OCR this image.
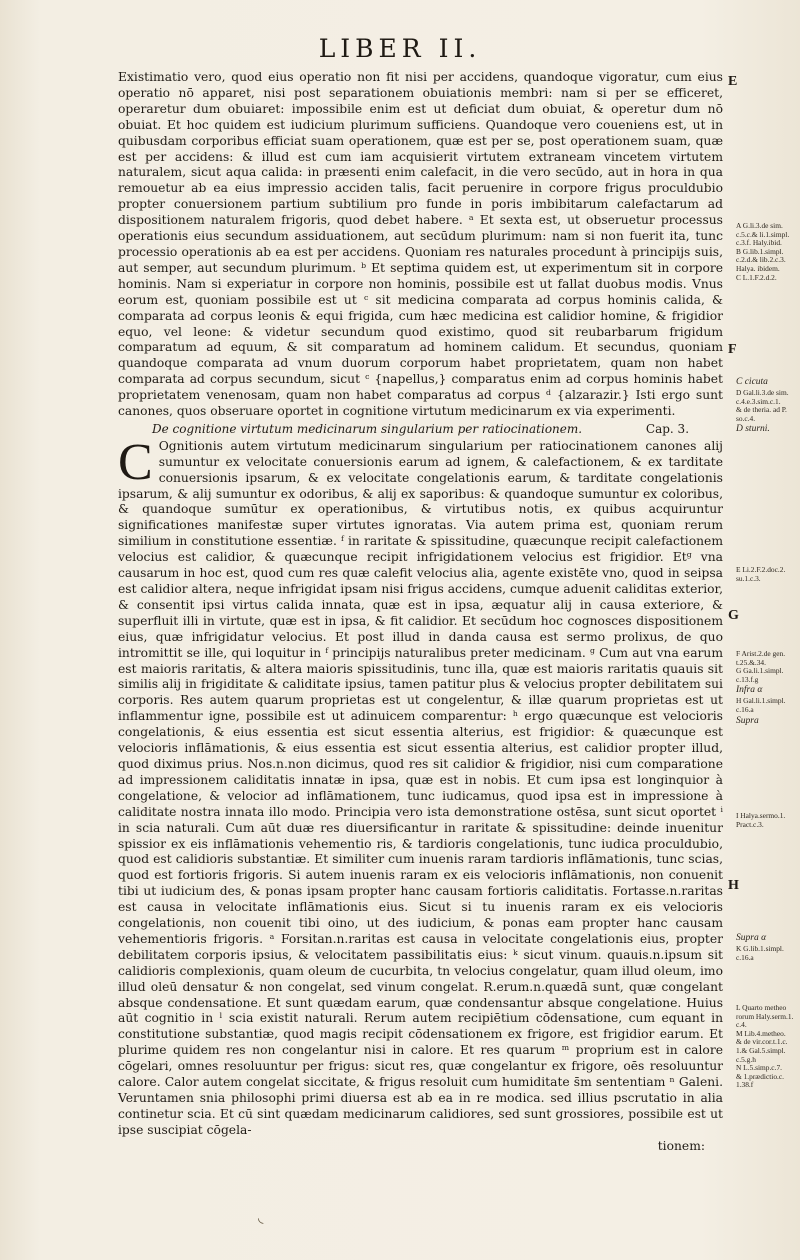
LIBER II.

Existimatio vero, quod eius operatio non fit nisi per accidens, quandoque vigoratur, cum eius operatio nō apparet, nisi post separationem obuiationis membri: nam si per se efficeret, operaretur dum obuiaret: impossibile enim est ut deficiat dum obuiat, & operetur dum nō obuiat. Et hoc quidem est iudicium plurimum sufficiens. Quandoque vero coueniens est, ut in quibusdam corporibus efficiat suam operationem, quæ est per se, post operationem suam, quæ est per accidens: & illud est cum iam acquisierit virtutem extraneam vincetem virtutem naturalem, sicut aqua calida: in præsenti enim calefacit, in die vero secūdo, aut in hora in qua remouetur ab ea eius impressio acciden talis, facit peruenire in corpore frigus proculdubio propter conuersionem partium subtilium pro funde in poris imbibitarum calefactarum ad dispositionem naturalem frigoris, quod debet habere. ᵃ Et sexta est, ut obseruetur processus operationis eius secundum assiduationem, aut secūdum plurimum: nam si non fuerit ita, tunc processio operationis ab ea est per accidens. Quoniam res naturales procedunt à principijs suis, aut semper, aut secundum plurimum. ᵇ Et septima quidem est, ut experimentum sit in corpore hominis. Nam si experiatur in corpore non hominis, possibile est ut fallat duobus modis. Vnus eorum est, quoniam possibile est ut ᶜ sit medicina comparata ad corpus hominis calida, & comparata ad corpus leonis & equi frigida, cum hæc medicina est calidior homine, & frigidior equo, vel leone: & videtur secundum quod existimo, quod sit reubarbarum frigidum comparatum ad equum, & sit comparatum ad hominem calidum. Et secundus, quoniam quandoque comparata ad vnum duorum corporum habet proprietatem, quam non habet comparata ad corpus secundum, sicut ᶜ {napellus,} comparatus enim ad corpus hominis habet proprietatem venenosam, quam non habet comparatus ad corpus ᵈ {alzarazir.} Isti ergo sunt canones, quos obseruare oportet in cognitione virtutum medicinarum ex via experimenti.

De cognitione virtutum medicinarum singularium per ratiocinationem.	Cap. 3.

C Ognitionis autem virtutum medicinarum singularium per ratiocinationem canones alij sumuntur ex velocitate conuersionis earum ad ignem, & calefactionem, & ex tarditate conuersionis ipsarum, & ex velocitate congelationis earum, & tarditate congelationis ipsarum, & alij sumuntur ex odoribus, & alij ex saporibus: & quandoque sumuntur ex coloribus, & quandoque sumūtur ex operationibus, & virtutibus notis, ex quibus acquiruntur significationes manifestæ super virtutes ignoratas. Via autem prima est, quoniam rerum similium in constitutione essentiæ. ᶠ in raritate & spissitudine, quæcunque recipit calefactionem velocius est calidior, & quæcunque recipit infrigidationem velocius est frigidior. Etᵍ vna causarum in hoc est, quod cum res quæ calefit velocius alia, agente existēte vno, quod in seipsa est calidior altera, neque infrigidat ipsam nisi frigus accidens, cumque aduenit caliditas exterior, & consentit ipsi virtus calida innata, quæ est in ipsa, æquatur alij in causa exteriore, & superfluit illi in virtute, quæ est in ipsa, & fit calidior. Et secūdum hoc cognosces dispositionem eius, quæ infrigidatur velocius. Et post illud in danda causa est sermo prolixus, de quo intromittit se ille, qui loquitur in ᶠ principijs naturalibus preter medicinam. ᵍ Cum aut vna earum est maioris raritatis, & altera maioris spissitudinis, tunc illa, quæ est maioris raritatis quauis sit similis alij in frigiditate & caliditate ipsius, tamen patitur plus & velocius propter debilitatem sui corporis. Res autem quarum proprietas est ut congelentur, & illæ quarum proprietas est ut inflammentur igne, possibile est ut adinuicem comparentur: ʰ ergo quæcunque est velocioris congelationis, & eius essentia est sicut essentia alterius, est frigidior: & quæcunque est velocioris inflāmationis, & eius essentia est sicut essentia alterius, est calidior propter illud, quod diximus prius. Nos.n.non dicimus, quod res sit calidior & frigidior, nisi cum comparatione ad impressionem caliditatis innatæ in ipsa, quæ est in nobis. Et cum ipsa est longinquior à congelatione, & velocior ad inflāmationem, tunc iudicamus, quod ipsa est in impressione à caliditate nostra innata illo modo. Principia vero ista demonstratione ostēsa, sunt sicut oportet ⁱ in scia naturali. Cum aūt duæ res diuersificantur in raritate & spissitudine: deinde inuenitur spissior ex eis inflāmationis vehementio ris, & tardioris congelationis, tunc iudica proculdubio, quod est calidioris substantiæ. Et similiter cum inuenis raram tardioris inflāmationis, tunc scias, quod est fortioris frigoris. Si autem inuenis raram ex eis velocioris inflāmationis, non conuenit tibi ut iudicium des, & ponas ipsam propter hanc causam fortioris caliditatis. Fortasse.n.raritas est causa in velocitate inflāmationis eius. Sicut si tu inuenis raram ex eis velocioris congelationis, non couenit tibi oino, ut des iudicium, & ponas eam propter hanc causam vehementioris frigoris. ᵃ Forsitan.n.raritas est causa in velocitate congelationis eius, propter debilitatem corporis ipsius, & velocitatem passibilitatis eius: ᵏ sicut vinum. quauis.n.ipsum sit calidioris complexionis, quam oleum de cucurbita, tn velocius congelatur, quam illud oleum, imo illud oleū densatur & non congelat, sed vinum congelat. R.erum.n.quædā sunt, quæ congelant absque condensatione. Et sunt quædam earum, quæ condensantur absque congelatione. Huius aūt cognitio in ˡ scia existit naturali. Rerum autem recipiētium cōdensatione, cum equant in constitutione substantiæ, quod magis recipit cōdensationem ex frigore, est frigidior earum. Et plurime quidem res non congelantur nisi in calore. Et res quarum ᵐ proprium est in calore cōgelari, omnes resoluuntur per frigus: sicut res, quæ congelantur ex frigore, oēs resoluuntur calore. Calor autem congelat siccitate, & frigus resoluit cum humiditate s̄m sententiam ⁿ Galeni. Veruntamen snia philosophi primi diuersa est ab ea in re modica. sed illius pscrutatio in alia continetur scia. Et cū sint quædam medicinarum calidiores, sed sunt grossiores, possibile est ut ipse suscipiat cōgela-

tionem:

E
F
G
H
A G.li.3.de sim.
c.5.c.& li.1.simpl.
c.3.f. Haly.ibid.
B G.lib.1.simpl.
c.2.d.& lib.2.c.3.
Halya. ibidem.
C L.1.F.2.d.2.
C cicuta
D Gal.li.3.de sim.
c.4.e.3.sim.c.1.
& de theria. ad P.
so.c.4.
D sturni.
E Li.2.F.2.doc.2.
su.1.c.3.
F Arist.2.de gen.
t.25.&.34.
G Ga.li.1.simpl.
c.13.f.g
Infra α
H Gal.li.1.simpl.
c.16.a
Supra
I Halya.sermo.1.
Pract.c.3.
Supra α
K G.lib.1.simpl.
c.16.a
L Quarto metheo
rorum Haly.serm.1.
c.4.
M Lib.4.metheo.
& de vir.cor.t.1.c.
1.& Gal.5.simpl.
c.5.g.h
N L.5.simp.c.7.
& 1.prædictio.c.
1.38.f
◟
